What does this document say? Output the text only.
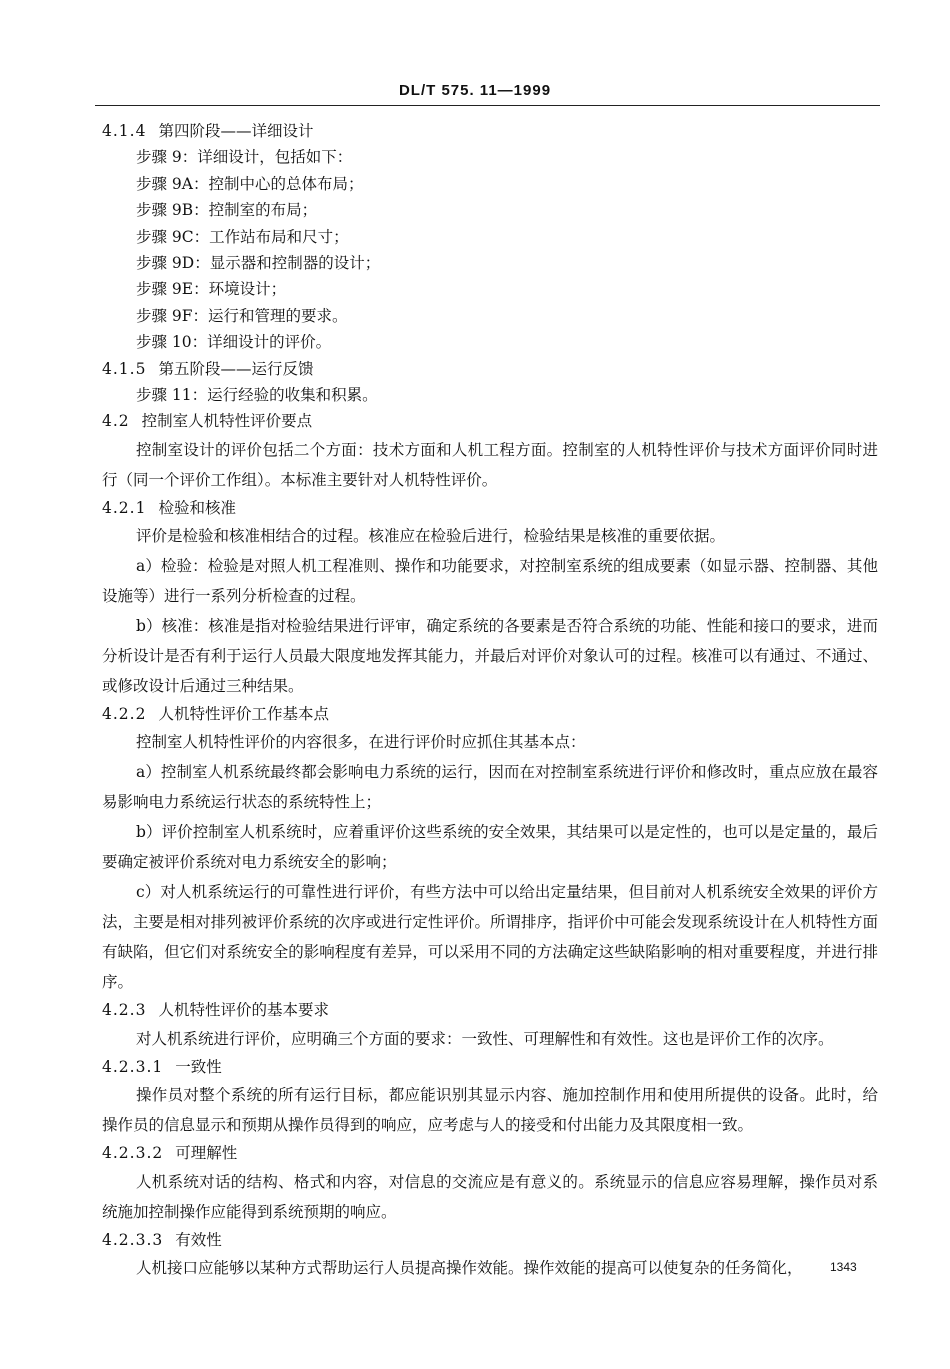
DL/T 575. 11—1999
4.1.4 第四阶段——详细设计
步骤 9：详细设计，包括如下：
步骤 9A：控制中心的总体布局；
步骤 9B：控制室的布局；
步骤 9C：工作站布局和尺寸；
步骤 9D：显示器和控制器的设计；
步骤 9E：环境设计；
步骤 9F：运行和管理的要求。
步骤 10：详细设计的评价。
4.1.5 第五阶段——运行反馈
步骤 11：运行经验的收集和积累。
4.2 控制室人机特性评价要点
控制室设计的评价包括二个方面：技术方面和人机工程方面。控制室的人机特性评价与技术方面评价同时进行（同一个评价工作组）。本标准主要针对人机特性评价。
4.2.1 检验和核准
评价是检验和核准相结合的过程。核准应在检验后进行，检验结果是核准的重要依据。
a）检验：检验是对照人机工程准则、操作和功能要求，对控制室系统的组成要素（如显示器、控制器、其他设施等）进行一系列分析检查的过程。
b）核准：核准是指对检验结果进行评审，确定系统的各要素是否符合系统的功能、性能和接口的要求，进而分析设计是否有利于运行人员最大限度地发挥其能力，并最后对评价对象认可的过程。核准可以有通过、不通过、或修改设计后通过三种结果。
4.2.2 人机特性评价工作基本点
控制室人机特性评价的内容很多，在进行评价时应抓住其基本点：
a）控制室人机系统最终都会影响电力系统的运行，因而在对控制室系统进行评价和修改时，重点应放在最容易影响电力系统运行状态的系统特性上；
b）评价控制室人机系统时，应着重评价这些系统的安全效果，其结果可以是定性的，也可以是定量的，最后要确定被评价系统对电力系统安全的影响；
c）对人机系统运行的可靠性进行评价，有些方法中可以给出定量结果，但目前对人机系统安全效果的评价方法，主要是相对排列被评价系统的次序或进行定性评价。所谓排序，指评价中可能会发现系统设计在人机特性方面有缺陷，但它们对系统安全的影响程度有差异，可以采用不同的方法确定这些缺陷影响的相对重要程度，并进行排序。
4.2.3 人机特性评价的基本要求
对人机系统进行评价，应明确三个方面的要求：一致性、可理解性和有效性。这也是评价工作的次序。
4.2.3.1 一致性
操作员对整个系统的所有运行目标，都应能识别其显示内容、施加控制作用和使用所提供的设备。此时，给操作员的信息显示和预期从操作员得到的响应，应考虑与人的接受和付出能力及其限度相一致。
4.2.3.2 可理解性
人机系统对话的结构、格式和内容，对信息的交流应是有意义的。系统显示的信息应容易理解，操作员对系统施加控制操作应能得到系统预期的响应。
4.2.3.3 有效性
人机接口应能够以某种方式帮助运行人员提高操作效能。操作效能的提高可以使复杂的任务简化，	1343
